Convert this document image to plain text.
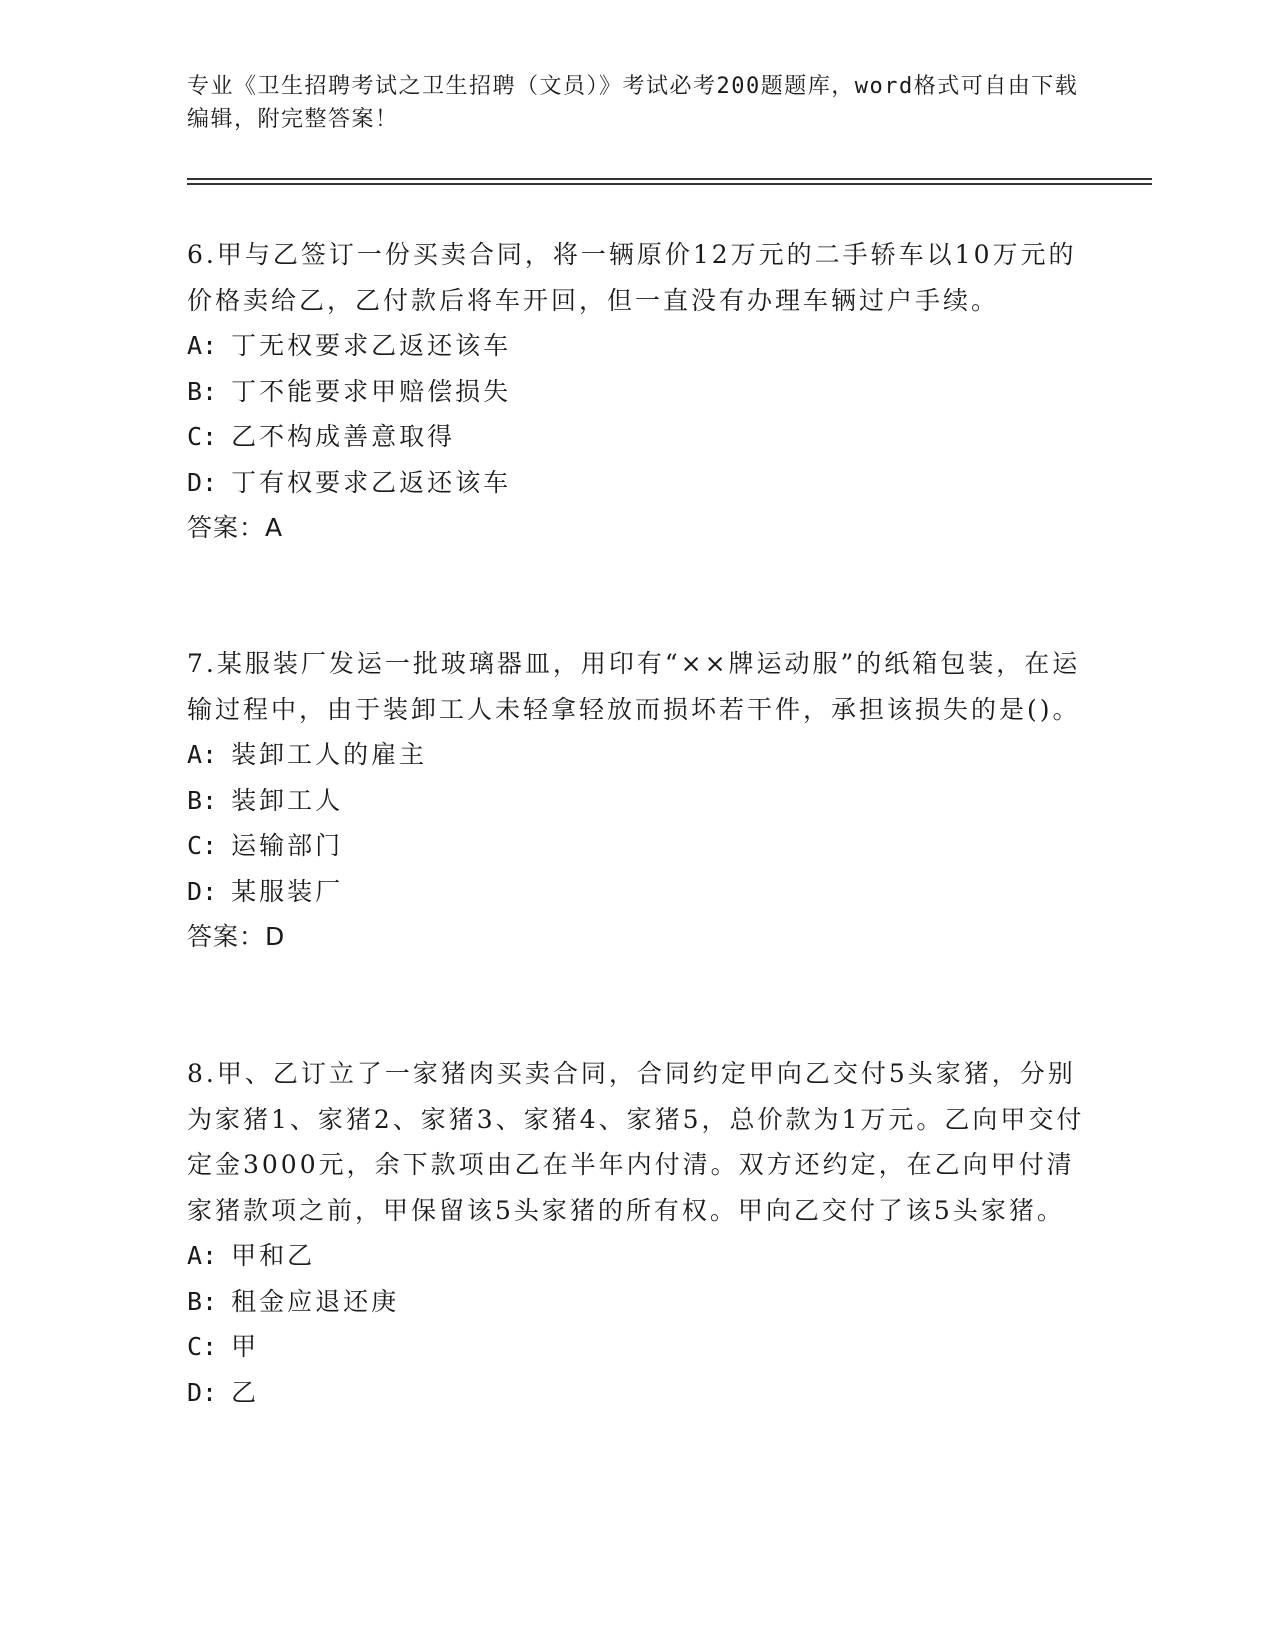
专业《卫生招聘考试之卫生招聘（文员）》考试必考200题题库，word格式可自由下载编辑，附完整答案！
6.甲与乙签订一份买卖合同，将一辆原价12万元的二手轿车以10万元的价格卖给乙，乙付款后将车开回，但一直没有办理车辆过户手续。
A: 丁无权要求乙返还该车
B: 丁不能要求甲赔偿损失
C: 乙不构成善意取得
D: 丁有权要求乙返还该车
答案：A
7.某服装厂发运一批玻璃器皿，用印有“××牌运动服”的纸箱包装，在运输过程中，由于装卸工人未轻拿轻放而损坏若干件，承担该损失的是()。
A: 装卸工人的雇主
B: 装卸工人
C: 运输部门
D: 某服装厂
答案：D
8.甲、乙订立了一家猪肉买卖合同，合同约定甲向乙交付5头家猪，分别为家猪1、家猪2、家猪3、家猪4、家猪5，总价款为1万元。乙向甲交付定金3000元，余下款项由乙在半年内付清。双方还约定，在乙向甲付清家猪款项之前，甲保留该5头家猪的所有权。甲向乙交付了该5头家猪。
A: 甲和乙
B: 租金应退还庚
C: 甲
D: 乙
